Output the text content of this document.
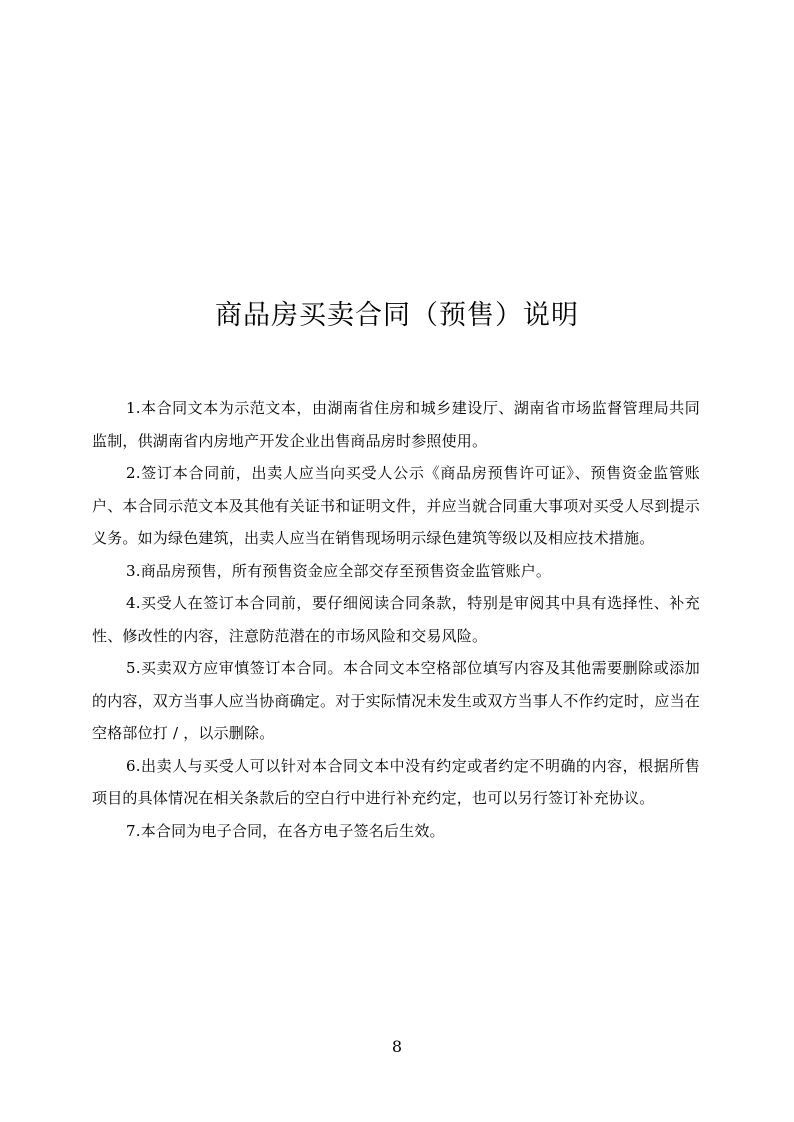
商品房买卖合同（预售）说明

1.本合同文本为示范文本，由湖南省住房和城乡建设厅、湖南省市场监督管理局共同监制，供湖南省内房地产开发企业出售商品房时参照使用。

2.签订本合同前，出卖人应当向买受人公示《商品房预售许可证》、预售资金监管账户、本合同示范文本及其他有关证书和证明文件，并应当就合同重大事项对买受人尽到提示义务。如为绿色建筑，出卖人应当在销售现场明示绿色建筑等级以及相应技术措施。

3.商品房预售，所有预售资金应全部交存至预售资金监管账户。

4.买受人在签订本合同前，要仔细阅读合同条款，特别是审阅其中具有选择性、补充性、修改性的内容，注意防范潜在的市场风险和交易风险。

5.买卖双方应审慎签订本合同。本合同文本空格部位填写内容及其他需要删除或添加的内容，双方当事人应当协商确定。对于实际情况未发生或双方当事人不作约定时，应当在空格部位打 / ，以示删除。

6.出卖人与买受人可以针对本合同文本中没有约定或者约定不明确的内容，根据所售项目的具体情况在相关条款后的空白行中进行补充约定，也可以另行签订补充协议。

7.本合同为电子合同，在各方电子签名后生效。

8
